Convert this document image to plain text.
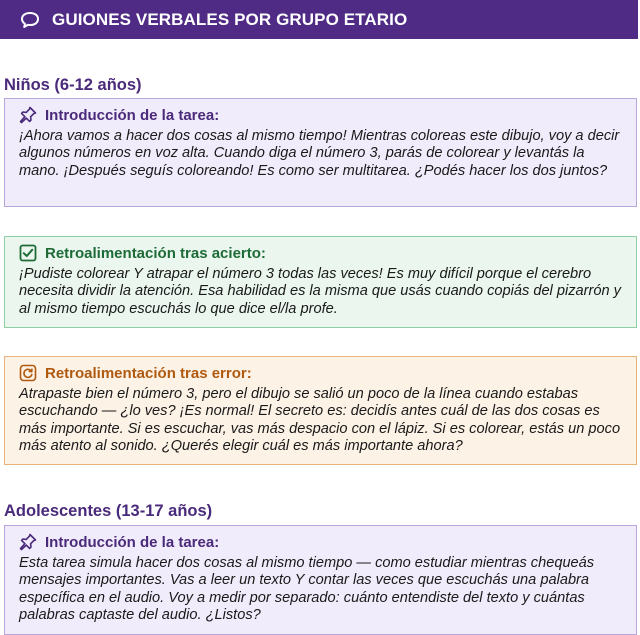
GUIONES VERBALES POR GRUPO ETARIO
Niños (6-12 años)
Introducción de la tarea:

¡Ahora vamos a hacer dos cosas al mismo tiempo! Mientras coloreas este dibujo, voy a decir algunos números en voz alta. Cuando diga el número 3, parás de colorear y levantás la mano. ¡Después seguís coloreando! Es como ser multitarea. ¿Podés hacer los dos juntos?

Retroalimentación tras acierto:

¡Pudiste colorear Y atrapar el número 3 todas las veces! Es muy difícil porque el cerebro necesita dividir la atención. Esa habilidad es la misma que usás cuando copiás del pizarrón y al mismo tiempo escuchás lo que dice el/la profe.

Retroalimentación tras error:

Atrapaste bien el número 3, pero el dibujo se salió un poco de la línea cuando estabas escuchando — ¿lo ves? ¡Es normal! El secreto es: decidís antes cuál de las dos cosas es más importante. Si es escuchar, vas más despacio con el lápiz. Si es colorear, estás un poco más atento al sonido. ¿Querés elegir cuál es más importante ahora?

Adolescentes (13-17 años)
Introducción de la tarea:

Esta tarea simula hacer dos cosas al mismo tiempo — como estudiar mientras chequeás mensajes importantes. Vas a leer un texto Y contar las veces que escuchás una palabra específica en el audio. Voy a medir por separado: cuánto entendiste del texto y cuántas palabras captaste del audio. ¿Listos?
